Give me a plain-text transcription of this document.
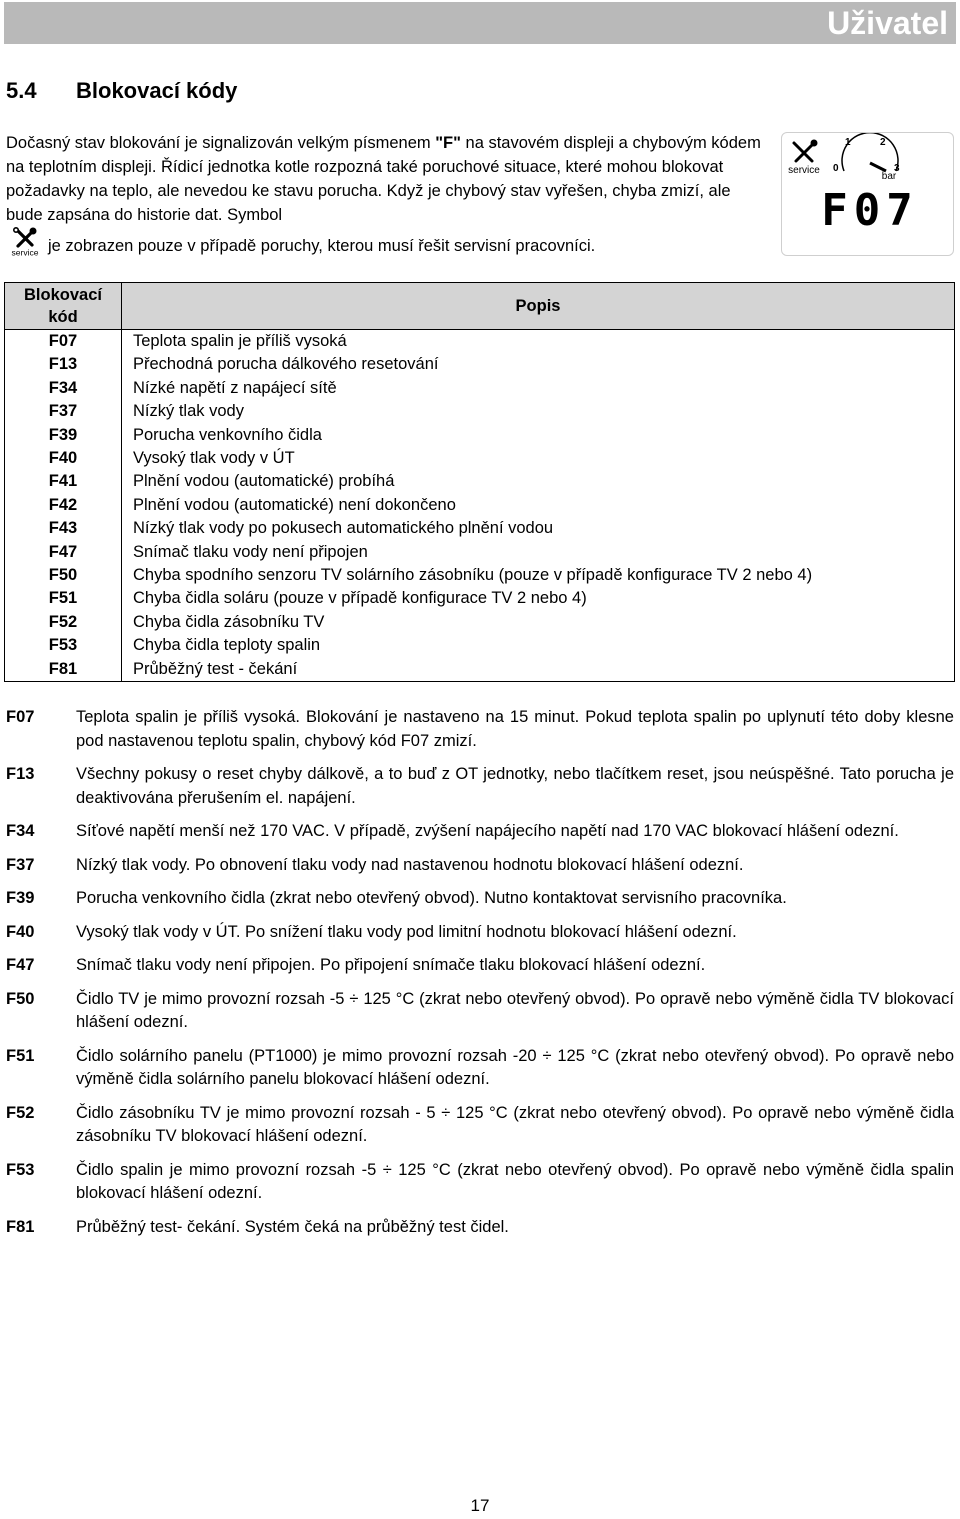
Uživatel
5.4 Blokovací kódy

Dočasný stav blokování je signalizován velkým písmenem "F" na stavovém displeji a chybovým kódem na teplotním displeji. Řídicí jednotka kotle rozpozná také poruchové situace, které mohou blokovat požadavky na teplo, ale nevedou ke stavu porucha. Když je chybový stav vyřešen, chyba zmizí, ale bude zapsána do historie dat. Symbol

service je zobrazen pouze v případě poruchy, kterou musí řešit servisní pracovníci.

service 0
1	2
3
bar
F07
Blokovací
kód	Popis
F07	Teplota spalin je příliš vysoká
F13	Přechodná porucha dálkového resetování
F34	Nízké napětí z napájecí sítě
F37	Nízký tlak vody
F39	Porucha venkovního čidla
F40	Vysoký tlak vody v ÚT
F41	Plnění vodou (automatické) probíhá
F42	Plnění vodou (automatické) není dokončeno
F43	Nízký tlak vody po pokusech automatického plnění vodou
F47	Snímač tlaku vody není připojen
F50	Chyba spodního senzoru TV solárního zásobníku (pouze v případě konfigurace TV 2 nebo 4)
F51	Chyba čidla soláru (pouze v případě konfigurace TV 2 nebo 4)
F52	Chyba čidla zásobníku TV
F53	Chyba čidla teploty spalin
F81	Průběžný test - čekání
F07	Teplota spalin je příliš vysoká. Blokování je nastaveno na 15 minut. Pokud teplota spalin po uplynutí této doby klesne pod nastavenou teplotu spalin, chybový kód F07 zmizí.
F13	Všechny pokusy o reset chyby dálkově, a to buď z OT jednotky, nebo tlačítkem reset, jsou neúspěšné. Tato porucha je deaktivována přerušením el. napájení.
F34	Síťové napětí menší než 170 VAC. V případě, zvýšení napájecího napětí nad 170 VAC blokovací hlášení odezní.
F37	Nízký tlak vody. Po obnovení tlaku vody nad nastavenou hodnotu blokovací hlášení odezní.
F39	Porucha venkovního čidla (zkrat nebo otevřený obvod). Nutno kontaktovat servisního pracovníka.
F40	Vysoký tlak vody v ÚT. Po snížení tlaku vody pod limitní hodnotu blokovací hlášení odezní.
F47	Snímač tlaku vody není připojen. Po připojení snímače tlaku blokovací hlášení odezní.
F50	Čidlo TV je mimo provozní rozsah -5 ÷ 125 °C (zkrat nebo otevřený obvod). Po opravě nebo výměně čidla TV blokovací hlášení odezní.
F51	Čidlo solárního panelu (PT1000) je mimo provozní rozsah -20 ÷ 125 °C (zkrat nebo otevřený obvod). Po opravě nebo výměně čidla solárního panelu blokovací hlášení odezní.
F52	Čidlo zásobníku TV je mimo provozní rozsah - 5 ÷ 125 °C (zkrat nebo otevřený obvod). Po opravě nebo výměně čidla zásobníku TV blokovací hlášení odezní.
F53	Čidlo spalin je mimo provozní rozsah -5 ÷ 125 °C (zkrat nebo otevřený obvod). Po opravě nebo výměně čidla spalin blokovací hlášení odezní.
F81	Průběžný test- čekání. Systém čeká na průběžný test čidel.
17
